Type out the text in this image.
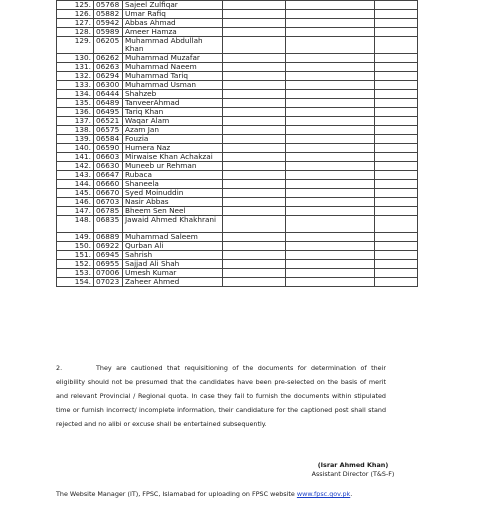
125.	05768	Sajeel Zulfiqar			
126.	05882	Umar Rafiq			
127.	05942	Abbas Ahmad			
128.	05989	Ameer Hamza			
129.	06205	Muhammad Abdullah Khan			
130.	06262	Muhammad Muzafar			
131.	06263	Muhammad Naeem			
132.	06294	Muhammad Tariq			
133.	06300	Muhammad Usman			
134.	06444	Shahzeb			
135.	06489	TanveerAhmad			
136.	06495	Tariq Khan			
137.	06521	Waqar Alam			
138.	06575	Azam Jan			
139.	06584	Fouzia			
140.	06590	Humera Naz			
141.	06603	Mirwaise Khan Achakzai			
142.	06630	Muneeb ur Rehman			
143.	06647	Rubaca			
144.	06660	Shaneela			
145.	06670	Syed Moinuddin			
146.	06703	Nasir Abbas			
147.	06785	Bheem Sen Neel			
148.	06835	Jawaid Ahmed Khakhrani			
149.	06889	Muhammad Saleem			
150.	06922	Qurban Ali			
151.	06945	Sahrish			
152.	06955	Sajjad Ali Shah			
153.	07006	Umesh Kumar			
154.	07023	Zaheer Ahmed			
2.	They are cautioned that requisitioning of the documents for determination of their eligibility should not be presumed that the candidates have been pre-selected on the basis of merit and relevant Provincial / Regional quota. In case they fail to furnish the documents within stipulated time or furnish incorrect/ incomplete information, their candidature for the captioned post shall stand rejected and no alibi or excuse shall be entertained subsequently.
(Israr Ahmed Khan)
Assistant Director (T&S-F)
The Website Manager (IT), FPSC, Islamabad for uploading on FPSC website www.fpsc.gov.pk.
